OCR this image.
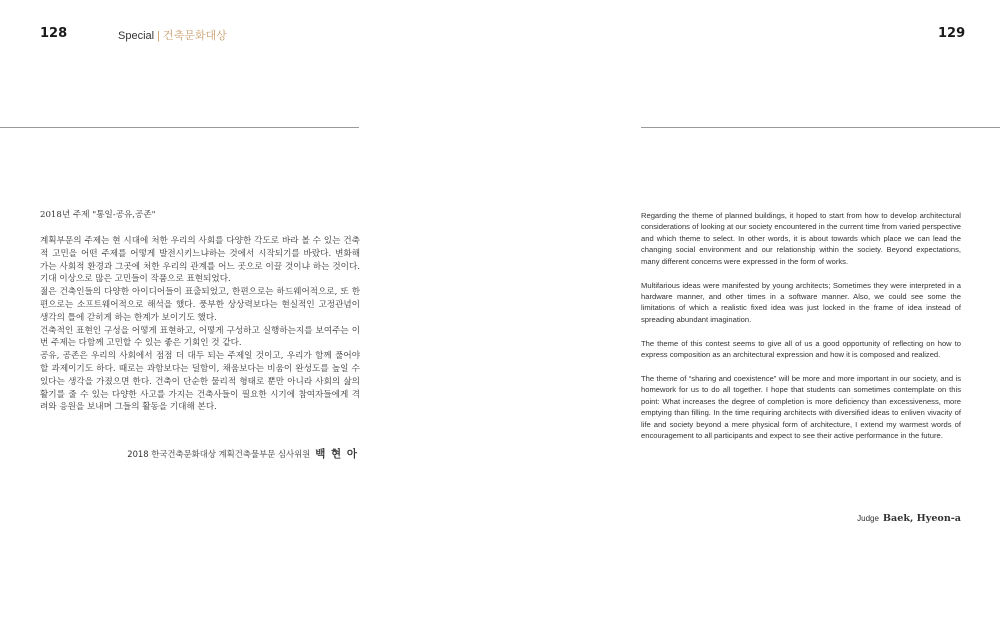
128	Special | 건축문화대상	129
2018년 주제 "통일-공유,공존"

계획부문의 주제는 현 시대에 처한 우리의 사회를 다양한 각도로 바라 볼 수 있는 건축적 고민을 어떤 주제를 어떻게 발전시키느냐하는 것에서 시작되기를 바랐다. 변화해 가는 사회적 환경과 그곳에 처한 우리의 관계를 어느 곳으로 이끌 것이냐 하는 것이다. 기대 이상으로 많은 고민들이 작품으로 표현되었다.

젊은 건축인들의 다양한 아이디어들이 표출되었고, 한편으로는 하드웨어적으로, 또 한편으로는 소프트웨어적으로 해석을 했다. 풍부한 상상력보다는 현실적인 고정관념이 생각의 틀에 갇히게 하는 한계가 보이기도 했다.

건축적인 표현인 구성을 어떻게 표현하고, 어떻게 구성하고 실행하는지를 보여주는 이번 주제는 다함께 고민할 수 있는 좋은 기회인 것 같다.

공유, 공존은 우리의 사회에서 점점 더 대두 되는 주제일 것이고, 우리가 함께 풀어야 할 과제이기도 하다. 때로는 과함보다는 덜함이, 채움보다는 비움이 완성도를 높일 수 있다는 생각을 가졌으면 한다. 건축이 단순한 물리적 형태로 뿐만 아니라 사회의 삶의 활기를 줄 수 있는 다양한 사고를 가지는 건축사들이 필요한 시기에 참여자들에게 격려와 응원을 보내며 그들의 활동을 기대해 본다.

2018 한국건축문화대상 계획건축물부문 심사위원 백 현 아

Regarding the theme of planned buildings, it hoped to start from how to develop architectural considerations of looking at our society encountered in the current time from varied perspective and which theme to select. In other words, it is about towards which place we can lead the changing social environment and our relationship within the society. Beyond expectations, many different concerns were expressed in the form of works.

Multifarious ideas were manifested by young architects; Sometimes they were interpreted in a hardware manner, and other times in a software manner. Also, we could see some the limitations of which a realistic fixed idea was just locked in the frame of idea instead of spreading abundant imagination.

The theme of this contest seems to give all of us a good opportunity of reflecting on how to express composition as an architectural expression and how it is composed and realized.

The theme of “sharing and coexistence” will be more and more important in our society, and is homework for us to do all together. I hope that students can sometimes contemplate on this point: What increases the degree of completion is more deficiency than excessiveness, more emptying than filling. In the time requiring architects with diversified ideas to enliven vivacity of life and society beyond a mere physical form of architecture, I extend my warmest words of encouragement to all participants and expect to see their active performance in the future.

Judge Baek, Hyeon-a
